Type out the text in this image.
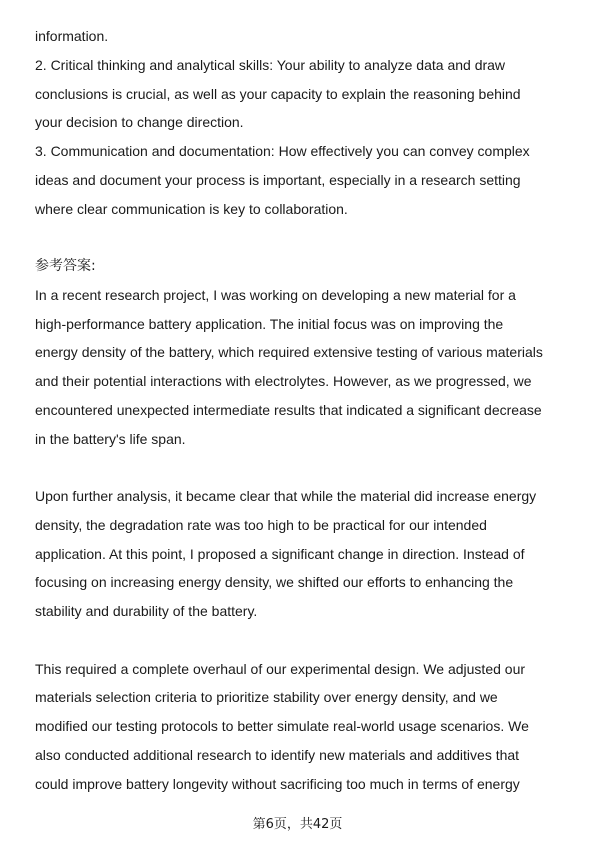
information.
2. Critical thinking and analytical skills: Your ability to analyze data and draw
conclusions is crucial, as well as your capacity to explain the reasoning behind
your decision to change direction.
3. Communication and documentation: How effectively you can convey complex
ideas and document your process is important, especially in a research setting
where clear communication is key to collaboration.
参考答案:
In a recent research project, I was working on developing a new material for a
high-performance battery application. The initial focus was on improving the
energy density of the battery, which required extensive testing of various materials
and their potential interactions with electrolytes. However, as we progressed, we
encountered unexpected intermediate results that indicated a significant decrease
in the battery's life span.
Upon further analysis, it became clear that while the material did increase energy
density, the degradation rate was too high to be practical for our intended
application. At this point, I proposed a significant change in direction. Instead of
focusing on increasing energy density, we shifted our efforts to enhancing the
stability and durability of the battery.
This required a complete overhaul of our experimental design. We adjusted our
materials selection criteria to prioritize stability over energy density, and we
modified our testing protocols to better simulate real-world usage scenarios. We
also conducted additional research to identify new materials and additives that
could improve battery longevity without sacrificing too much in terms of energy
第6页，共42页
